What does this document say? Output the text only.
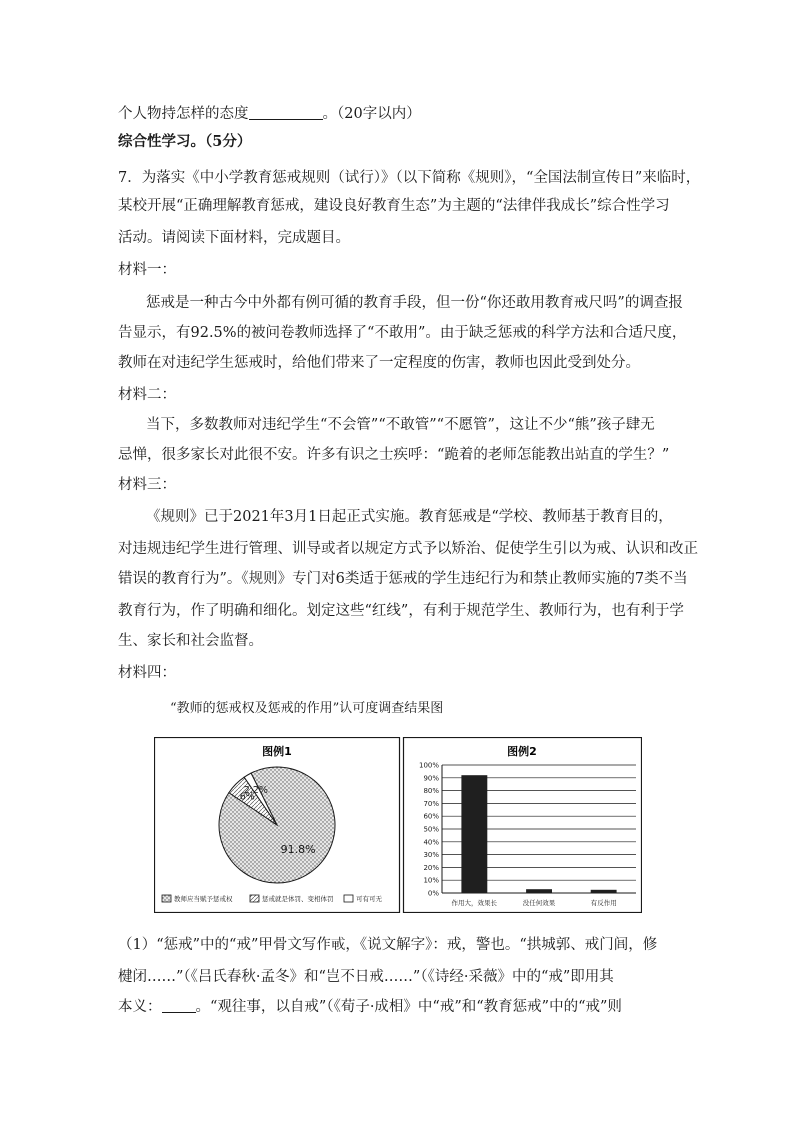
个人物持怎样的态度	。（20字以内）
综合性学习。（5分）
7．为落实《中小学教育惩戒规则（试行）》（以下简称《规则》，“全国法制宣传日”来临时，
某校开展“正确理解教育惩戒，建设良好教育生态”为主题的“法律伴我成长”综合性学习
活动。请阅读下面材料，完成题目。
材料一：
惩戒是一种古今中外都有例可循的教育手段，但一份“你还敢用教育戒尺吗”的调查报
告显示，有92.5%的被问卷教师选择了“不敢用”。由于缺乏惩戒的科学方法和合适尺度，
教师在对违纪学生惩戒时，给他们带来了一定程度的伤害，教师也因此受到处分。
材料二：
当下，多数教师对违纪学生“不会管”“不敢管”“不愿管”，这让不少“熊”孩子肆无
忌惮，很多家长对此很不安。许多有识之士疾呼：“跪着的老师怎能教出站直的学生？”
材料三：
《规则》已于2021年3月1日起正式实施。教育惩戒是“学校、教师基于教育目的，
对违规违纪学生进行管理、训导或者以规定方式予以矫治、促使学生引以为戒、认识和改正
错误的教育行为”。《规则》专门对6类适于惩戒的学生违纪行为和禁止教师实施的7类不当
教育行为，作了明确和细化。划定这些“红线”，有利于规范学生、教师行为，也有利于学
生、家长和社会监督。
材料四：
“教师的惩戒权及惩戒的作用”认可度调查结果图
图例1
91.8%
6%
2.2%
教师应当赋予惩戒权	惩戒就是体罚、变相体罚	可有可无
图例2
0%
10%
20%
30%
40%
50%
60%
70%
80%
90%
100%
作用大，效果长	没任何效果	有反作用
（1）“惩戒”中的“戒”甲骨文写作𢦦，《说文解字》：戒，警也。“拱城郭、戒门闾，修
楗闭……”（《吕氏春秋·孟冬》和“岂不日戒……”（《诗经·采薇》中的“戒”即用其
本义： 。“观往事，以自戒”（《荀子·成相》中“戒”和“教育惩戒”中的“戒”则
